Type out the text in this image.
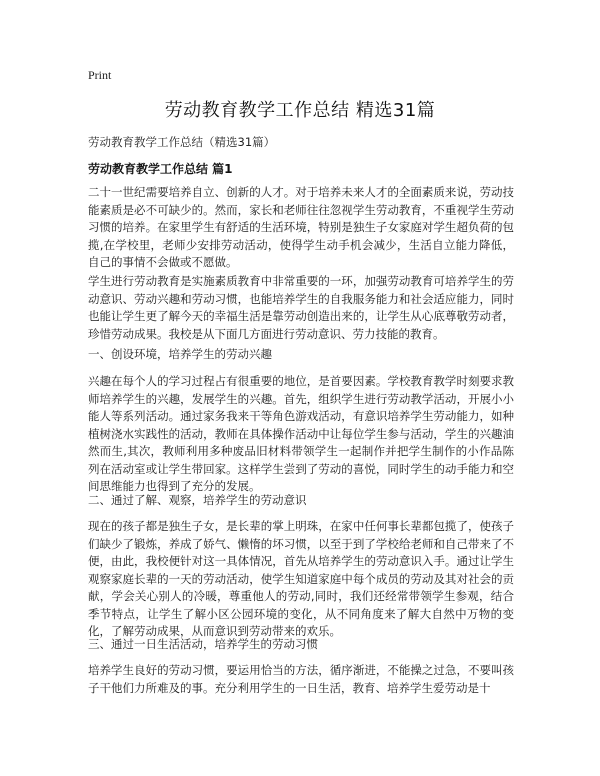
Print
劳动教育教学工作总结 精选31篇
劳动教育教学工作总结（精选31篇）
劳动教育教学工作总结 篇1

二十一世纪需要培养自立、创新的人才。对于培养未来人才的全面素质来说，劳动技能素质是必不可缺少的。然而，家长和老师往往忽视学生劳动教育，不重视学生劳动习惯的培养。在家里学生有舒适的生活环境，特别是独生子女家庭对学生超负荷的包揽,在学校里，老师少安排劳动活动，使得学生动手机会减少，生活自立能力降低，自己的事情不会做或不愿做。

学生进行劳动教育是实施素质教育中非常重要的一环，加强劳动教育可培养学生的劳动意识、劳动兴趣和劳动习惯，也能培养学生的自我服务能力和社会适应能力，同时也能让学生更了解今天的幸福生活是靠劳动创造出来的，让学生从心底尊敬劳动者，珍惜劳动成果。我校是从下面几方面进行劳动意识、劳力技能的教育。

一、创设环境，培养学生的劳动兴趣

兴趣在每个人的学习过程占有很重要的地位，是首要因素。学校教育教学时刻要求教师培养学生的兴趣，发展学生的兴趣。首先，组织学生进行劳动教学活动，开展小小能人等系列活动。通过家务我来干等角色游戏活动，有意识培养学生劳动能力，如种植树浇水实践性的活动，教师在具体操作活动中让每位学生参与活动，学生的兴趣油然而生,其次，教师利用多种废品旧材料带领学生一起制作并把学生制作的小作品陈列在活动室或让学生带回家。这样学生尝到了劳动的喜悦，同时学生的动手能力和空间思维能力也得到了充分的发展。

二、通过了解、观察，培养学生的劳动意识

现在的孩子都是独生子女，是长辈的掌上明珠，在家中任何事长辈都包揽了，使孩子们缺少了锻炼，养成了娇气、懒惰的坏习惯，以至于到了学校给老师和自己带来了不便，由此，我校便针对这一具体情况，首先从培养学生的劳动意识入手。通过让学生观察家庭长辈的一天的劳动活动，使学生知道家庭中每个成员的劳动及其对社会的贡献，学会关心别人的冷暖，尊重他人的劳动,同时，我们还经常带领学生参观，结合季节特点，让学生了解小区公园环境的变化，从不同角度来了解大自然中万物的变化，了解劳动成果，从而意识到劳动带来的欢乐。

三、通过一日生活活动，培养学生的劳动习惯

培养学生良好的劳动习惯，要运用恰当的方法，循序渐进，不能操之过急，不要叫孩子干他们力所难及的事。充分利用学生的一日生活，教育、培养学生爱劳动是十
